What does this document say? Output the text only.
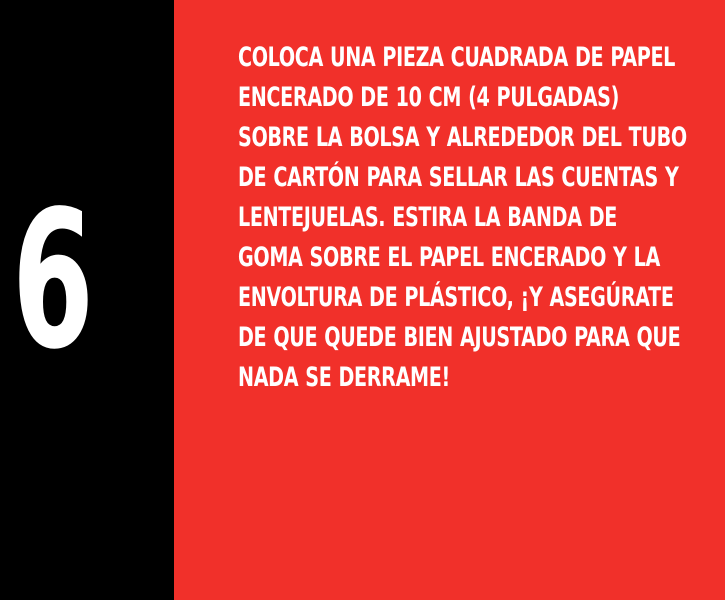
6

COLOCA UNA PIEZA CUADRADA DE PAPEL ENCERADO DE 10 CM (4 PULGADAS) SOBRE LA BOLSA Y ALREDEDOR DEL TUBO DE CARTÓN PARA SELLAR LAS CUENTAS Y LENTEJUELAS. ESTIRA LA BANDA DE GOMA SOBRE EL PAPEL ENCERADO Y LA ENVOLTURA DE PLÁSTICO, ¡Y ASEGÚRATE DE QUE QUEDE BIEN AJUSTADO PARA QUE NADA SE DERRAME!
